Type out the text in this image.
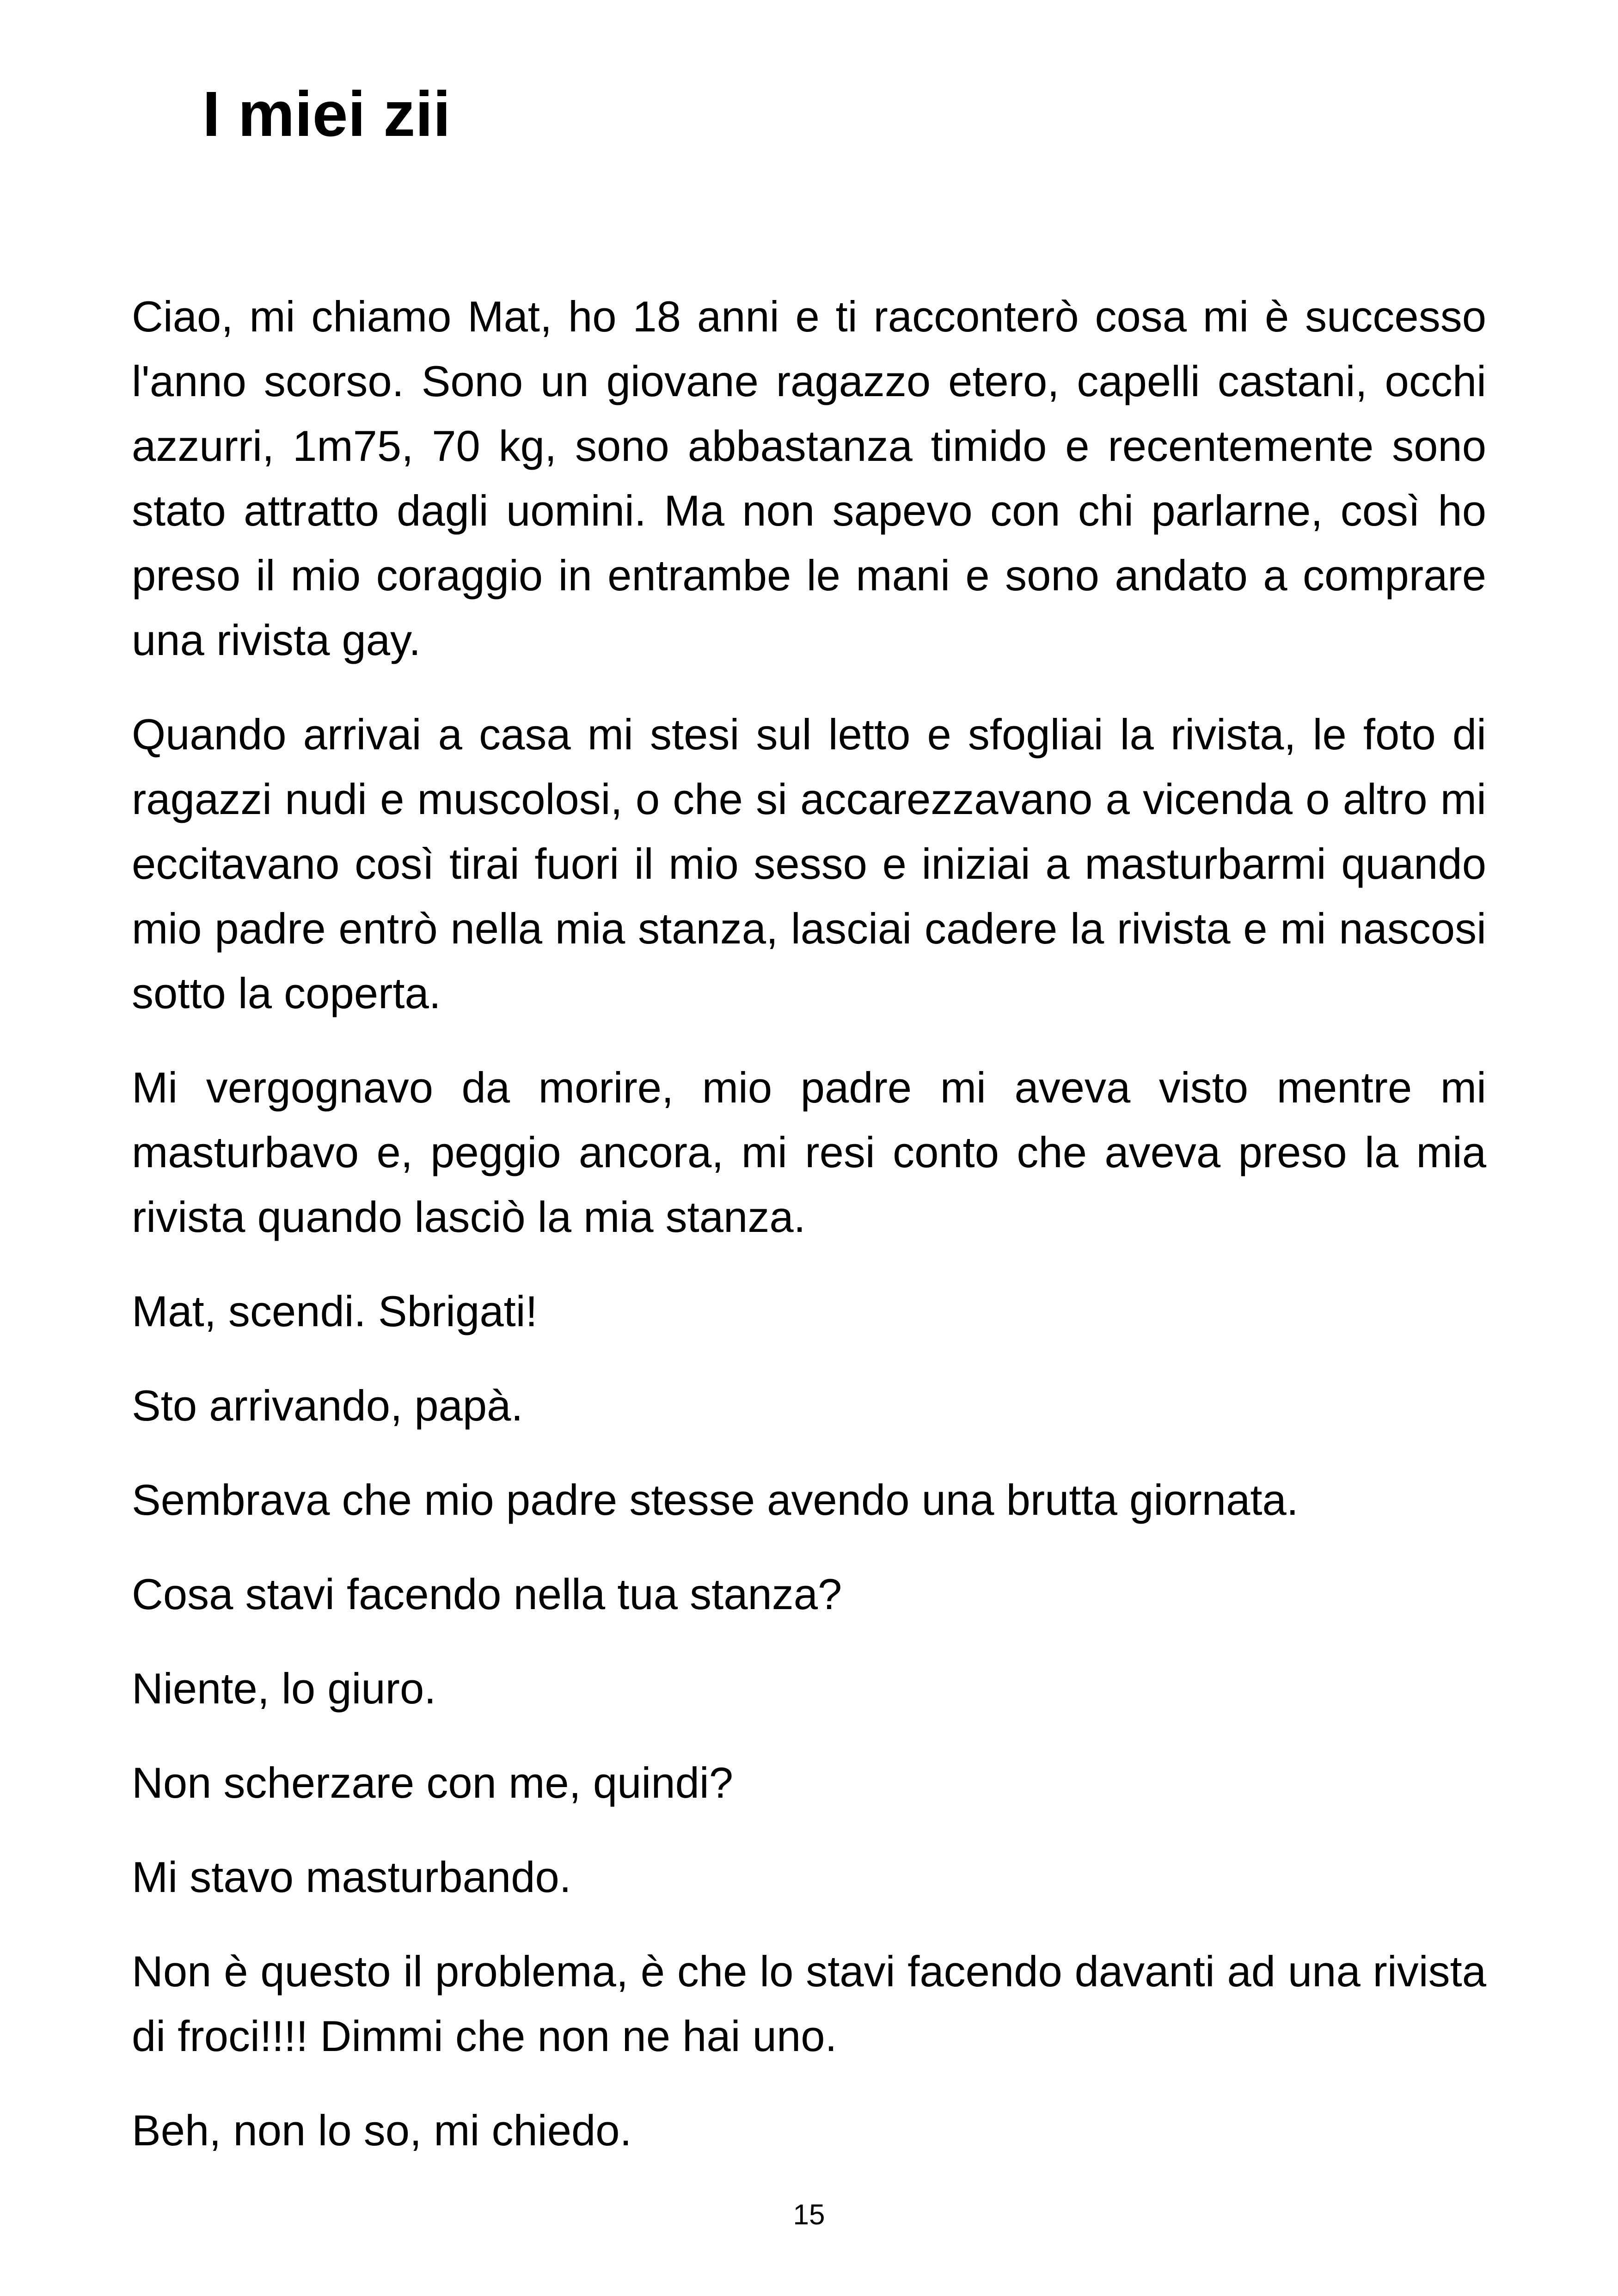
I miei zii

Ciao, mi chiamo Mat, ho 18 anni e ti racconterò cosa mi è successo l'anno scorso. Sono un giovane ragazzo etero, capelli castani, occhi azzurri, 1m75, 70 kg, sono abbastanza timido e recentemente sono stato attratto dagli uomini. Ma non sapevo con chi parlarne, così ho preso il mio coraggio in entrambe le mani e sono andato a comprare una rivista gay.

Quando arrivai a casa mi stesi sul letto e sfogliai la rivista, le foto di ragazzi nudi e muscolosi, o che si accarezzavano a vicenda o altro mi eccitavano così tirai fuori il mio sesso e iniziai a masturbarmi quando mio padre entrò nella mia stanza, lasciai cadere la rivista e mi nascosi sotto la coperta.

Mi vergognavo da morire, mio padre mi aveva visto mentre mi masturbavo e, peggio ancora, mi resi conto che aveva preso la mia rivista quando lasciò la mia stanza.

Mat, scendi. Sbrigati!

Sto arrivando, papà.

Sembrava che mio padre stesse avendo una brutta giornata.

Cosa stavi facendo nella tua stanza?

Niente, lo giuro.

Non scherzare con me, quindi?

Mi stavo masturbando.

Non è questo il problema, è che lo stavi facendo davanti ad una rivista di froci!!!! Dimmi che non ne hai uno.

Beh, non lo so, mi chiedo.

15
